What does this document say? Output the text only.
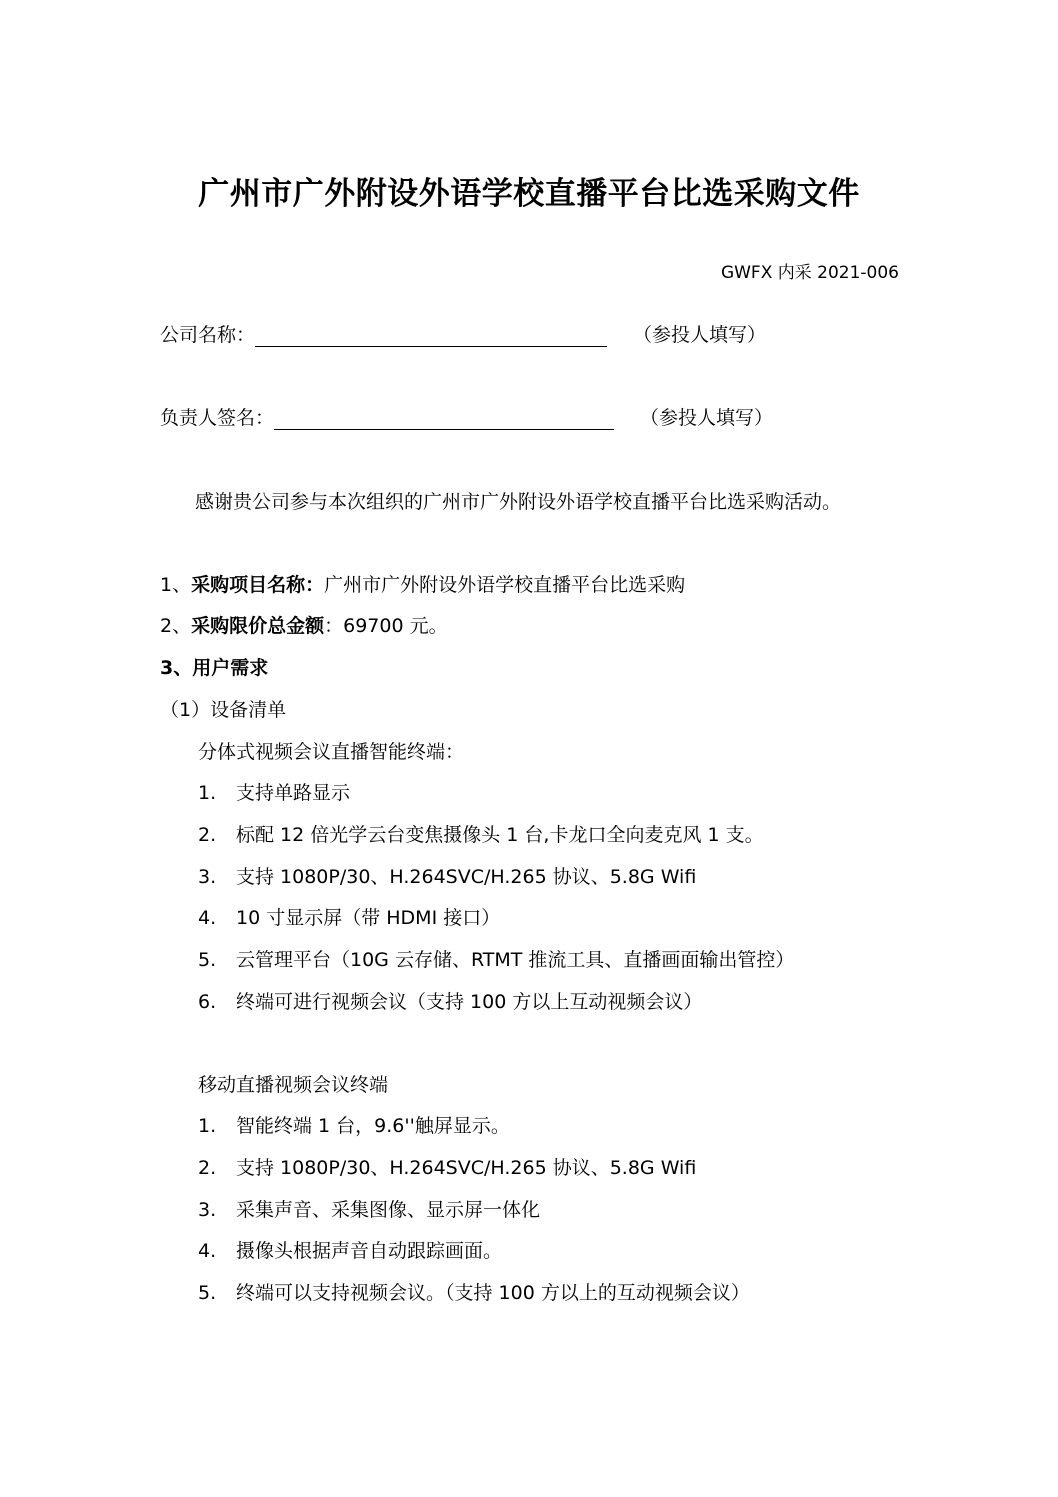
广州市广外附设外语学校直播平台比选采购文件
GWFX 内采 2021-006
公司名称：	（参投人填写）
负责人签名：	（参投人填写）
感谢贵公司参与本次组织的广州市广外附设外语学校直播平台比选采购活动。
1、采购项目名称：广州市广外附设外语学校直播平台比选采购
2、采购限价总金额：69700 元。
3、用户需求
（1）设备清单
分体式视频会议直播智能终端：
1. 支持单路显示
2. 标配 12 倍光学云台变焦摄像头 1 台,卡龙口全向麦克风 1 支。
3. 支持 1080P/30、H.264SVC/H.265 协议、5.8G Wifi
4. 10 寸显示屏（带 HDMI 接口）
5. 云管理平台（10G 云存储、RTMT 推流工具、直播画面输出管控）
6. 终端可进行视频会议（支持 100 方以上互动视频会议）
移动直播视频会议终端
1. 智能终端 1 台，9.6''触屏显示。
2. 支持 1080P/30、H.264SVC/H.265 协议、5.8G Wifi
3. 采集声音、采集图像、显示屏一体化
4. 摄像头根据声音自动跟踪画面。
5. 终端可以支持视频会议。（支持 100 方以上的互动视频会议）
